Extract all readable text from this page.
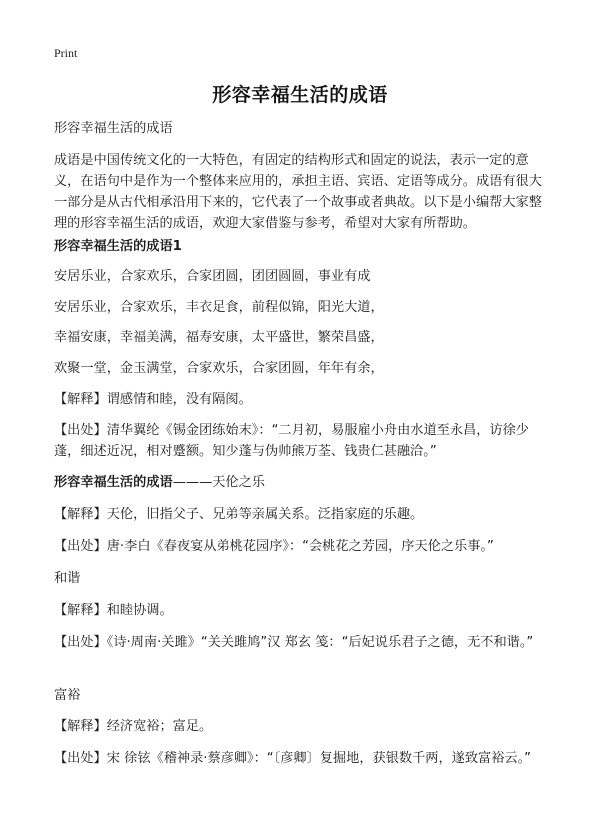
Print
形容幸福生活的成语
形容幸福生活的成语
成语是中国传统文化的一大特色，有固定的结构形式和固定的说法，表示一定的意义，在语句中是作为一个整体来应用的，承担主语、宾语、定语等成分。成语有很大一部分是从古代相承沿用下来的，它代表了一个故事或者典故。以下是小编帮大家整理的形容幸福生活的成语，欢迎大家借鉴与参考，希望对大家有所帮助。
形容幸福生活的成语1
安居乐业，合家欢乐，合家团圆，团团圆圆，事业有成
安居乐业，合家欢乐，丰衣足食，前程似锦，阳光大道，
幸福安康，幸福美满，福寿安康，太平盛世，繁荣昌盛，
欢聚一堂，金玉满堂，合家欢乐，合家团圆，年年有余，
【解释】谓感情和睦，没有隔阂。
【出处】清华翼纶《锡金团练始末》：“二月初，易服雇小舟由水道至永昌，访徐少蓬，细述近况，相对蹙额。知少蓬与伪帅熊万荃、钱贵仁甚融洽。”
形容幸福生活的成语———天伦之乐
【解释】天伦，旧指父子、兄弟等亲属关系。泛指家庭的乐趣。
【出处】唐·李白《春夜宴从弟桃花园序》：“会桃花之芳园，序天伦之乐事。”
和谐
【解释】和睦协调。
【出处】《诗·周南·关雎》“关关雎鸠”汉 郑玄 笺：“后妃说乐君子之德，无不和谐。”
富裕
【解释】经济宽裕；富足。
【出处】宋 徐铉《稽神录·蔡彦卿》：“〔彦卿〕复掘地，获银数千两，遂致富裕云。”
